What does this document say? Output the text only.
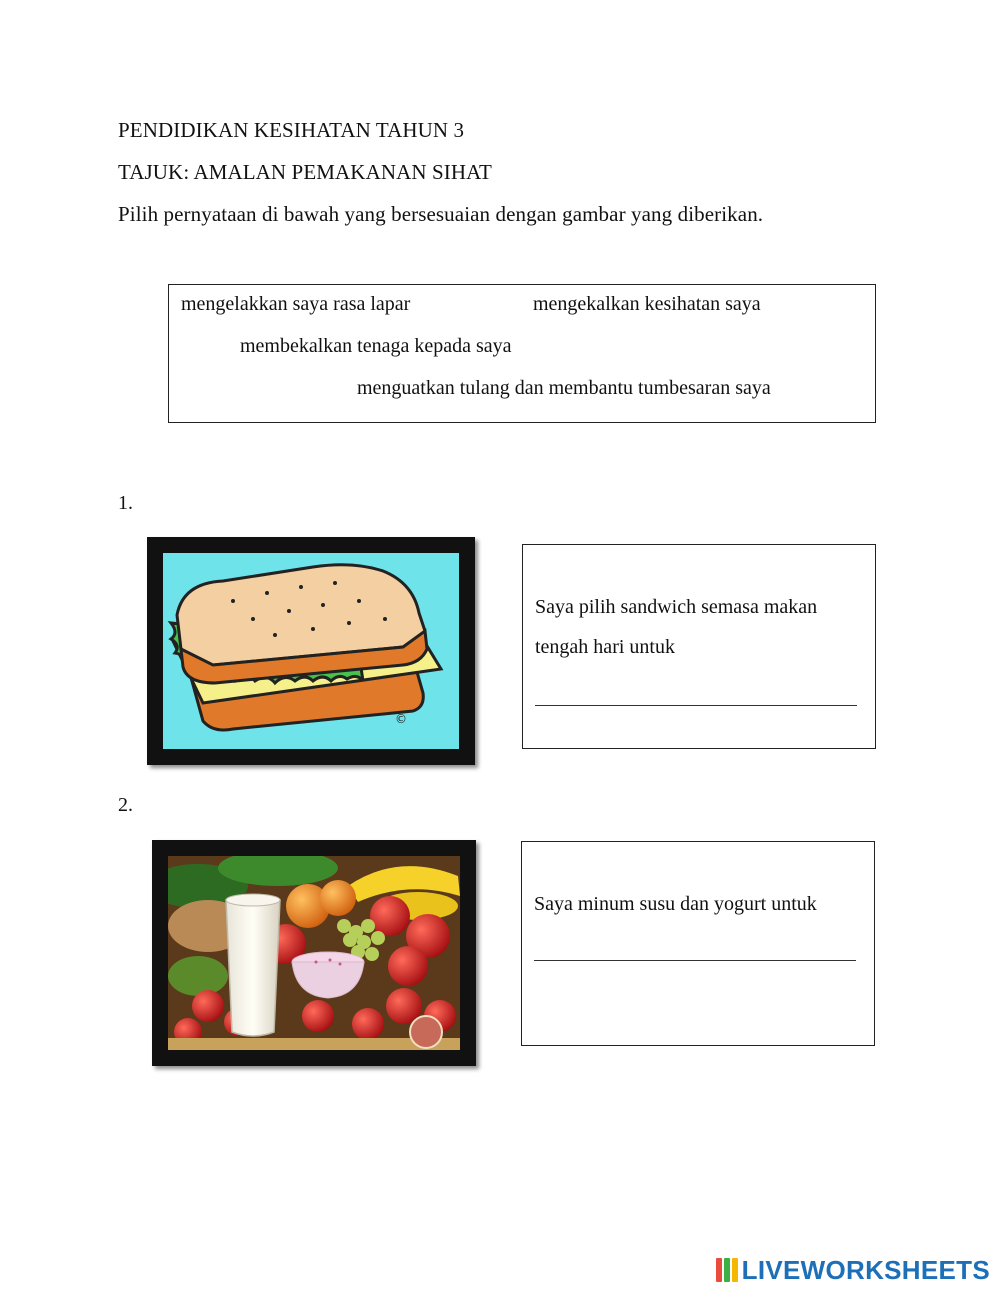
PENDIDIKAN KESIHATAN TAHUN 3
TAJUK: AMALAN PEMAKANAN SIHAT
Pilih pernyataan di bawah yang bersesuaian dengan gambar yang diberikan.
mengelakkan saya rasa lapar	mengekalkan kesihatan saya
membekalkan tenaga kepada saya
menguatkan tulang dan membantu tumbesaran saya
1.
©
Saya pilih sandwich semasa makan tengah hari untuk
2.
Saya minum susu dan yogurt untuk
LIVEWORKSHEETS
